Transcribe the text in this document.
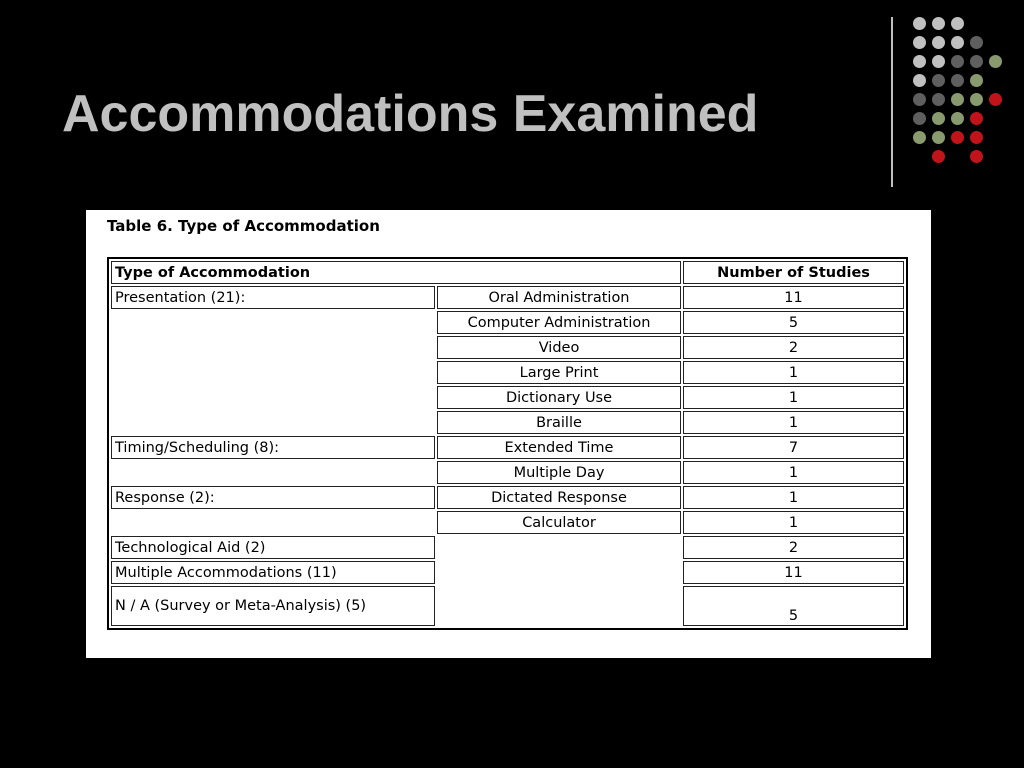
Accommodations Examined
Table 6. Type of Accommodation
Type of Accommodation		Number of Studies
Presentation (21):	Oral Administration	11
	Computer Administration	5
	Video	2
	Large Print	1
	Dictionary Use	1
	Braille	1
Timing/Scheduling (8):	Extended Time	7
	Multiple Day	1
Response (2):	Dictated Response	1
	Calculator	1
Technological Aid (2)		2
Multiple Accommodations (11)		11
N / A (Survey or Meta-Analysis) (5)		5
